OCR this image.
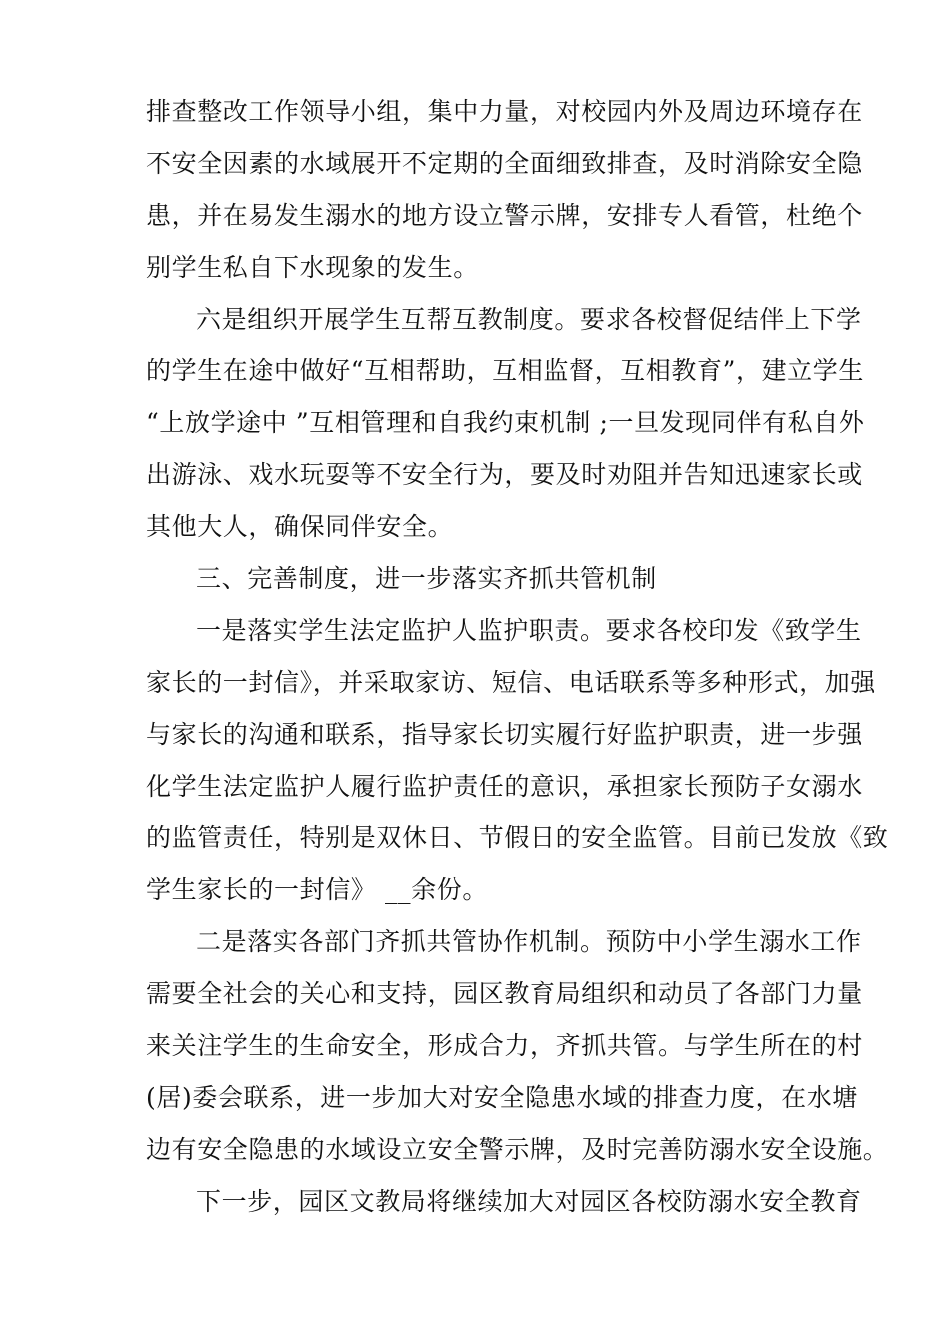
排查整改工作领导小组，集中力量，对校园内外及周边环境存在
不安全因素的水域展开不定期的全面细致排查，及时消除安全隐
患，并在易发生溺水的地方设立警示牌，安排专人看管，杜绝个
别学生私自下水现象的发生。
六是组织开展学生互帮互教制度。要求各校督促结伴上下学
的学生在途中做好“互相帮助，互相监督，互相教育”，建立学生
“上放学途中 ”互相管理和自我约束机制 ;一旦发现同伴有私自外
出游泳、戏水玩耍等不安全行为，要及时劝阻并告知迅速家长或
其他大人，确保同伴安全。
三、完善制度，进一步落实齐抓共管机制
一是落实学生法定监护人监护职责。要求各校印发《致学生
家长的一封信》，并采取家访、短信、电话联系等多种形式，加强
与家长的沟通和联系，指导家长切实履行好监护职责，进一步强
化学生法定监护人履行监护责任的意识，承担家长预防子女溺水
的监管责任，特别是双休日、节假日的安全监管。目前已发放《致
学生家长的一封信》 __余份。
二是落实各部门齐抓共管协作机制。预防中小学生溺水工作
需要全社会的关心和支持，园区教育局组织和动员了各部门力量
来关注学生的生命安全，形成合力，齐抓共管。与学生所在的村
(居)委会联系，进一步加大对安全隐患水域的排查力度，在水塘
边有安全隐患的水域设立安全警示牌，及时完善防溺水安全设施。
下一步，园区文教局将继续加大对园区各校防溺水安全教育
